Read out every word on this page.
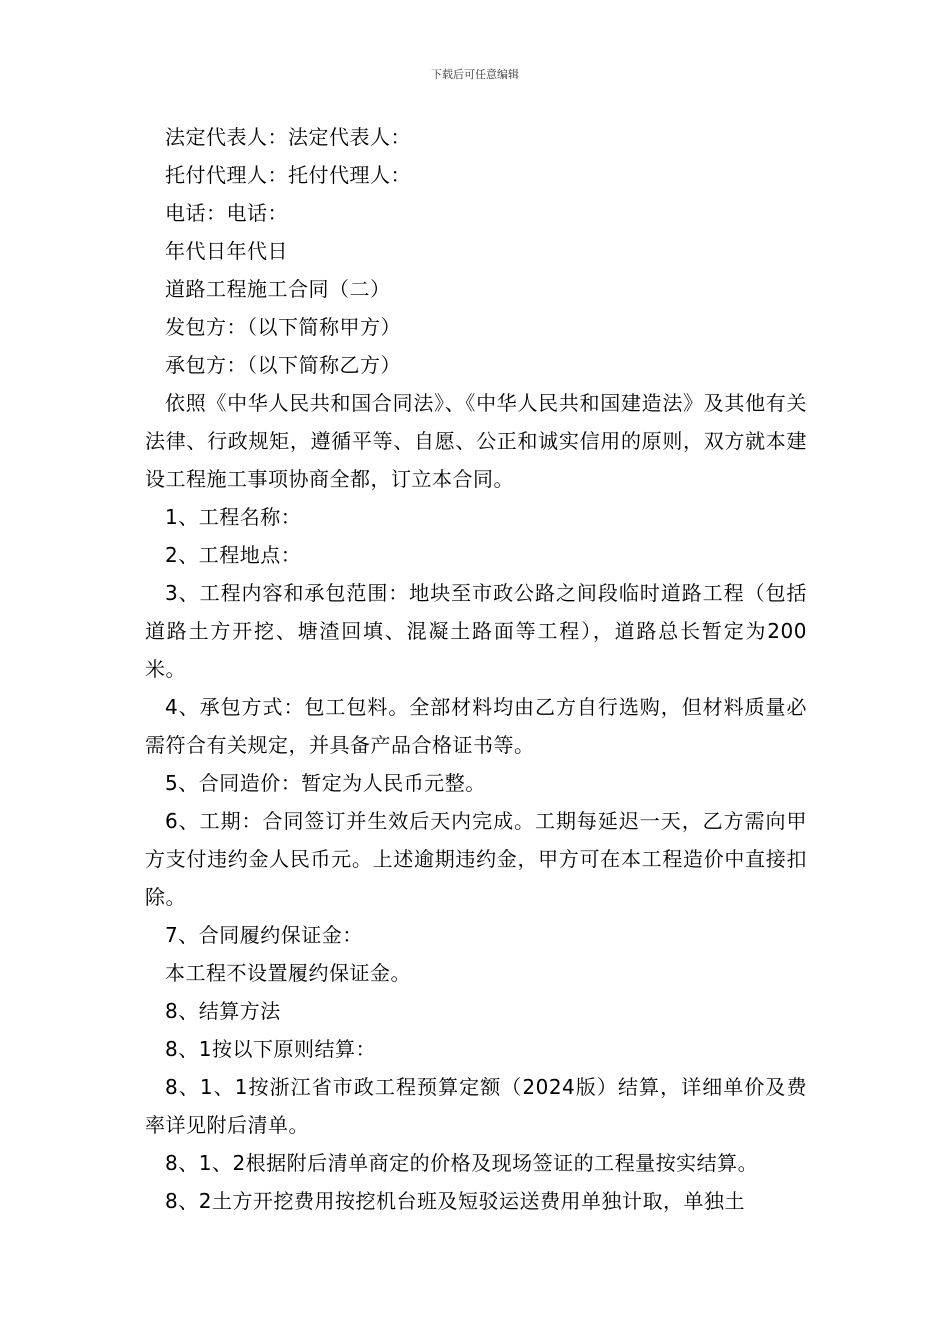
下载后可任意编辑

法定代表人：法定代表人：

托付代理人：托付代理人：

电话：电话：

年代日年代日

道路工程施工合同（二）

发包方：（以下简称甲方）

承包方：（以下简称乙方）

依照《中华人民共和国合同法》、《中华人民共和国建造法》及其他有关法律、行政规矩，遵循平等、自愿、公正和诚实信用的原则，双方就本建设工程施工事项协商全都，订立本合同。

1、工程名称：

2、工程地点：

3、工程内容和承包范围：地块至市政公路之间段临时道路工程（包括道路土方开挖、塘渣回填、混凝土路面等工程），道路总长暂定为200米。

4、承包方式：包工包料。全部材料均由乙方自行选购，但材料质量必需符合有关规定，并具备产品合格证书等。

5、合同造价：暂定为人民币元整。

6、工期：合同签订并生效后天内完成。工期每延迟一天，乙方需向甲方支付违约金人民币元。上述逾期违约金，甲方可在本工程造价中直接扣除。

7、合同履约保证金：

本工程不设置履约保证金。

8、结算方法

8、1按以下原则结算：

8、1、1按浙江省市政工程预算定额（2024版）结算，详细单价及费率详见附后清单。

8、1、2根据附后清单商定的价格及现场签证的工程量按实结算。

8、2土方开挖费用按挖机台班及短驳运送费用单独计取，单独土
